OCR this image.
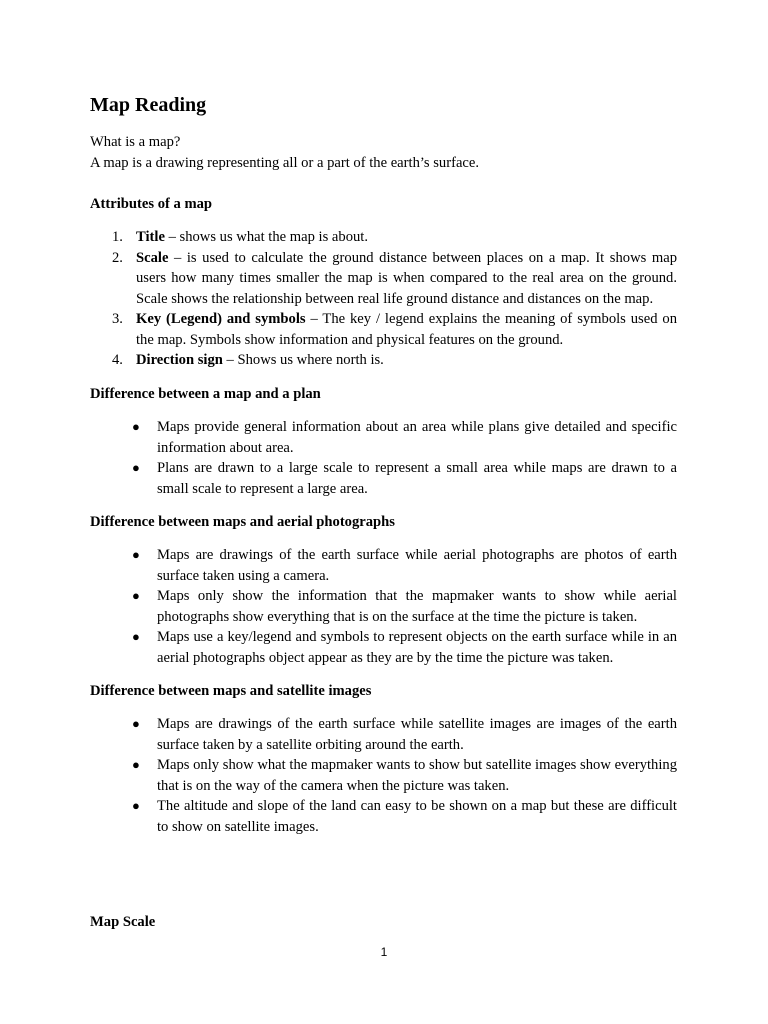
Map Reading

What is a map?

A map is a drawing representing all or a part of the earth’s surface.

Attributes of a map

1. Title – shows us what the map is about.

2. Scale – is used to calculate the ground distance between places on a map. It shows map users how many times smaller the map is when compared to the real area on the ground. Scale shows the relationship between real life ground distance and distances on the map.

3. Key (Legend) and symbols – The key / legend explains the meaning of symbols used on the map. Symbols show information and physical features on the ground.

4. Direction sign – Shows us where north is.

Difference between a map and a plan

● Maps provide general information about an area while plans give detailed and specific information about area.

● Plans are drawn to a large scale to represent a small area while maps are drawn to a small scale to represent a large area.

Difference between maps and aerial photographs

● Maps are drawings of the earth surface while aerial photographs are photos of earth surface taken using a camera.

● Maps only show the information that the mapmaker wants to show while aerial photographs show everything that is on the surface at the time the picture is taken.

● Maps use a key/legend and symbols to represent objects on the earth surface while in an aerial photographs object appear as they are by the time the picture was taken.

Difference between maps and satellite images

● Maps are drawings of the earth surface while satellite images are images of the earth surface taken by a satellite orbiting around the earth.

● Maps only show what the mapmaker wants to show but satellite images show everything that is on the way of the camera when the picture was taken.

● The altitude and slope of the land can easy to be shown on a map but these are difficult to show on satellite images.

Map Scale
1
